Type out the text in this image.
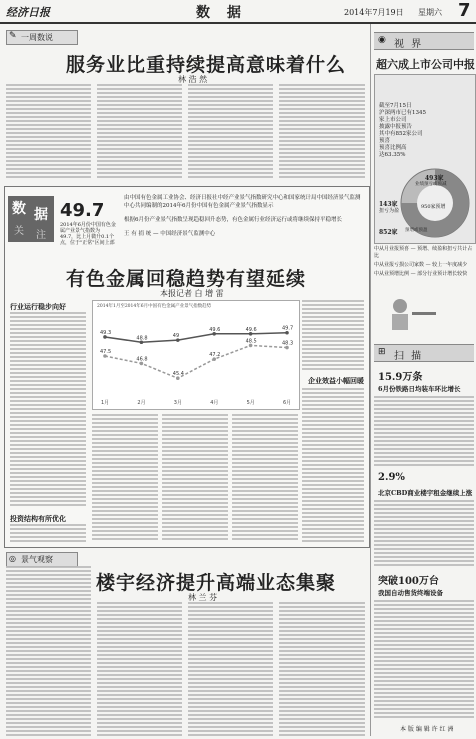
经济日报	数 据	2014年7月19日 星期六 7
✎ 一周数说
服务业比重持续提高意味着什么
林 浩 然
数 据
关 注
49.7
2014年6月份中国有色金属产业景气指数为49.7，比上月微升0.1个点，位于"正常"区间上部
由中国有色金属工业协会、经济日报社中经产业景气指数研究中心和国家统计局中国经济景气监测中心共同编制的2014年6月份中国有色金属产业景气指数显示
根据6月份产业景气指数呈现趋稳回升态势，有色金属行业经济运行或将继续保持平稳增长
王 有 捐 统 — 中国经济景气监测中心
有色金属回稳趋势有望延续
本报记者 白 增 雷
行业运行稳步向好
投资结构有所优化
2014年1月至2014年6月中国有色金属产业景气指数趋势
49.3
48.8	49
49.6	49.6	49.7
47.5
46.8
45.4
47.2
48.5	48.3
1月	2月	3月	4月	5月	6月
企业效益小幅回暖
◎ 景气观察
楼宇经济提升高端业态集聚
林 兰 芬
◉ 视 界
超六成上市公司中报
截至7月15日
沪深两市已有1345
家上市公司
披露中报预告
其中有852家公司
预喜
预喜比例高
达63.35%
493家
业绩预亏或预减
143家
扭亏为盈
950家预增
852家 预增或预盈
中从月业报预喜 — 预增、续盈和扭亏共计占比
中从业报亏损公司家数 — 较上一年度减少
中从业预增比例 — 部分行业预计增长较快
⊞ 扫 描
15.9万条
6月份铁路日均装车环比增长
2.9%
北京CBD商业楼宇租金继续上涨
突破100万台
我国自动售货终端设备
本 版 编 辑 许 红 洲
